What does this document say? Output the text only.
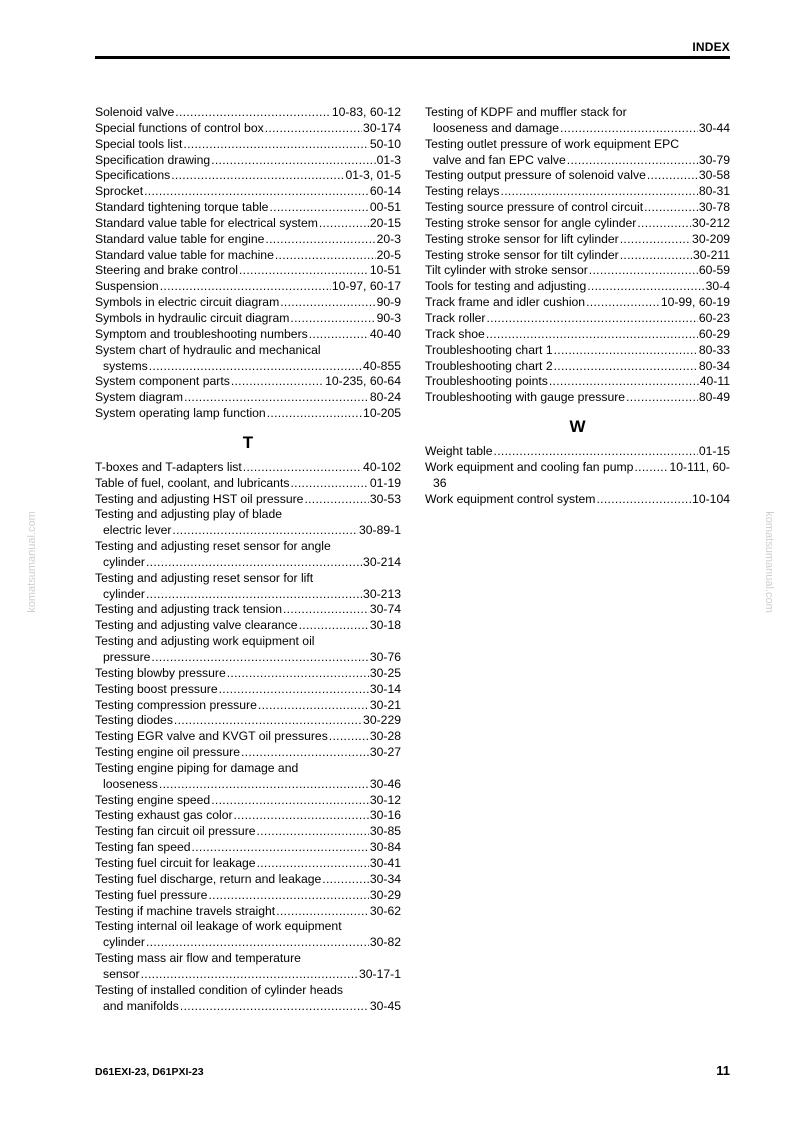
INDEX
komatsumanual.com	komatsumanual.com
Solenoid valve .....	10-83, 60-12
Special functions of control box .....	30-174
Special tools list .....	50-10
Specification drawing .....	01-3
Specifications .....	01-3, 01-5
Sprocket .....	60-14
Standard tightening torque table .....	00-51
Standard value table for electrical system .....	20-15
Standard value table for engine .....	20-3
Standard value table for machine .....	20-5
Steering and brake control .....	10-51
Suspension .....	10-97, 60-17
Symbols in electric circuit diagram .....	90-9
Symbols in hydraulic circuit diagram .....	90-3
Symptom and troubleshooting numbers .....	40-40
System chart of hydraulic and mechanical
systems .....	40-855
System component parts .....	10-235, 60-64
System diagram .....	80-24
System operating lamp function .....	10-205
T
T-boxes and T-adapters list .....	40-102
Table of fuel, coolant, and lubricants .....	01-19
Testing and adjusting HST oil pressure .....	30-53
Testing and adjusting play of blade
electric lever .....	30-89-1
Testing and adjusting reset sensor for angle
cylinder .....	30-214
Testing and adjusting reset sensor for lift
cylinder .....	30-213
Testing and adjusting track tension .....	30-74
Testing and adjusting valve clearance .....	30-18
Testing and adjusting work equipment oil
pressure .....	30-76
Testing blowby pressure .....	30-25
Testing boost pressure .....	30-14
Testing compression pressure .....	30-21
Testing diodes .....	30-229
Testing EGR valve and KVGT oil pressures .....	30-28
Testing engine oil pressure .....	30-27
Testing engine piping for damage and
looseness .....	30-46
Testing engine speed .....	30-12
Testing exhaust gas color .....	30-16
Testing fan circuit oil pressure .....	30-85
Testing fan speed .....	30-84
Testing fuel circuit for leakage .....	30-41
Testing fuel discharge, return and leakage .....	30-34
Testing fuel pressure .....	30-29
Testing if machine travels straight .....	30-62
Testing internal oil leakage of work equipment
cylinder .....	30-82
Testing mass air flow and temperature
sensor .....	30-17-1
Testing of installed condition of cylinder heads
and manifolds .....	30-45
Testing of KDPF and muffler stack for
looseness and damage .....	30-44
Testing outlet pressure of work equipment EPC
valve and fan EPC valve .....	30-79
Testing output pressure of solenoid valve .....	30-58
Testing relays .....	80-31
Testing source pressure of control circuit .....	30-78
Testing stroke sensor for angle cylinder .....	30-212
Testing stroke sensor for lift cylinder .....	30-209
Testing stroke sensor for tilt cylinder .....	30-211
Tilt cylinder with stroke sensor .....	60-59
Tools for testing and adjusting .....	30-4
Track frame and idler cushion .....	10-99, 60-19
Track roller .....	60-23
Track shoe .....	60-29
Troubleshooting chart 1 .....	80-33
Troubleshooting chart 2 .....	80-34
Troubleshooting points .....	40-11
Troubleshooting with gauge pressure .....	80-49
W
Weight table .....	01-15
Work equipment and cooling fan pump .....	10-111, 60-
36
Work equipment control system .....	10-104
D61EXI-23, D61PXI-23	11
